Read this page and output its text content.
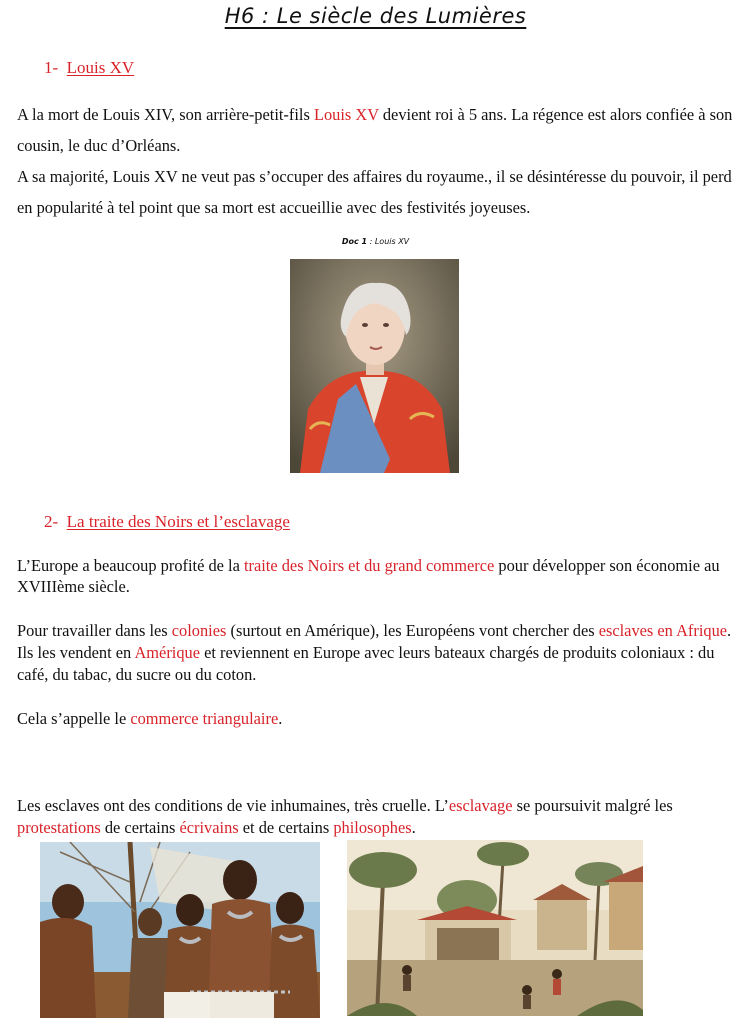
H6 : Le siècle des Lumières
1- Louis XV

A la mort de Louis XIV, son arrière-petit-fils Louis XV devient roi à 5 ans. La régence est alors confiée à son cousin, le duc d’Orléans.

A sa majorité, Louis XV ne veut pas s’occuper des affaires du royaume., il se désintéresse du pouvoir, il perd en popularité à tel point que sa mort est accueillie avec des festivités joyeuses.

Doc 1 : Louis XV
2- La traite des Noirs et l’esclavage

L’Europe a beaucoup profité de la traite des Noirs et du grand commerce pour développer son économie au XVIIIème siècle.

Pour travailler dans les colonies (surtout en Amérique), les Européens vont chercher des esclaves en Afrique. Ils les vendent en Amérique et reviennent en Europe avec leurs bateaux chargés de produits coloniaux : du café, du tabac, du sucre ou du coton.

Cela s’appelle le commerce triangulaire.

Les esclaves ont des conditions de vie inhumaines, très cruelle. L’esclavage se poursuivit malgré les protestations de certains écrivains et de certains philosophes.
